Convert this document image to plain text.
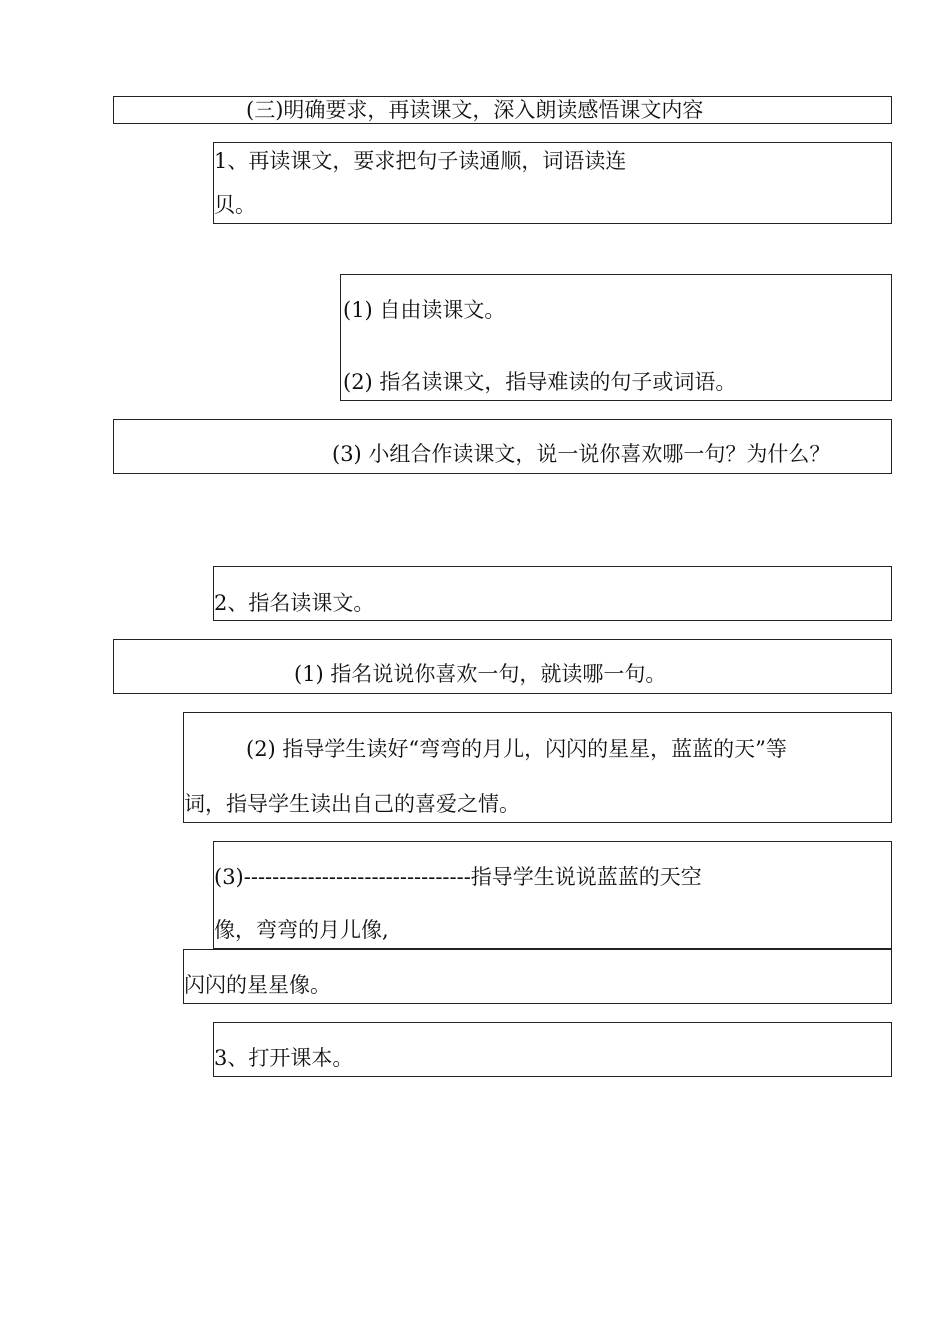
(三)明确要求，再读课文，深入朗读感悟课文内容
1、再读课文，要求把句子读通顺，词语读连
贝。
(1) 自由读课文。
(2) 指名读课文，指导难读的句子或词语。
(3) 小组合作读课文，说一说你喜欢哪一句？为什么？
2、指名读课文。
(1) 指名说说你喜欢一句，就读哪一句。
(2) 指导学生读好“弯弯的月儿，闪闪的星星，蓝蓝的天”等
词，指导学生读出自己的喜爱之情。
(3)--------------------------------指导学生说说蓝蓝的天空
像，弯弯的月儿像,
闪闪的星星像。
3、打开课本。
